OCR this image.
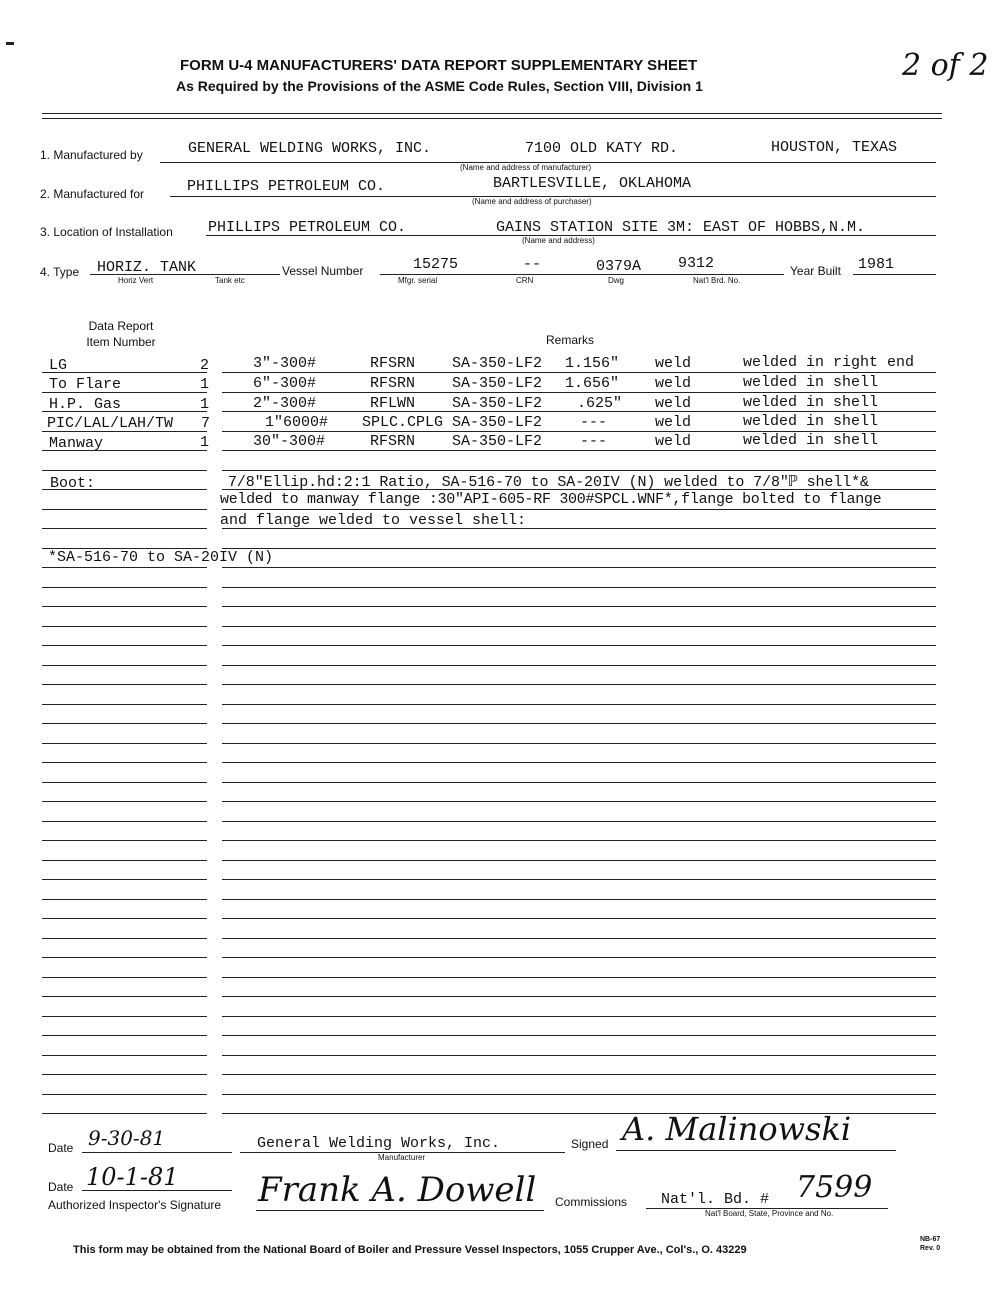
FORM U-4 MANUFACTURERS' DATA REPORT SUPPLEMENTARY SHEET
As Required by the Provisions of the ASME Code Rules, Section VIII, Division 1
2 of 2
1. Manufactured by	GENERAL WELDING WORKS, INC.	7100 OLD KATY RD.	HOUSTON, TEXAS
(Name and address of manufacturer)
2. Manufactured for	PHILLIPS PETROLEUM CO.	BARTLESVILLE, OKLAHOMA
(Name and address of purchaser)
3. Location of Installation PHILLIPS PETROLEUM CO.	GAINS STATION SITE 3M: EAST OF HOBBS,N.M.
(Name and address)
4. Type HORIZ. TANK
Horiz Vert	Tank etc
Vessel Number	15275
Mfgr. serial
--
CRN
0379A
Dwg
9312
Nat'l Brd. No.
Year Built 1981
Data Report Item Number	Remarks
LG	2	3"-300#	RFSRN SA-350-LF2 1.156" weld	welded in right end
To Flare	1	6"-300#	RFSRN SA-350-LF2 1.656" weld	welded in shell
H.P. Gas	1	2"-300#	RFLWN SA-350-LF2 .625" weld	welded in shell
PIC/LAL/LAH/TW 7	1"6000# SPLC.CPLG SA-350-LF2	---	weld	welded in shell
Manway	1	30"-300#	RFSRN SA-350-LF2	---	weld	welded in shell
Boot:	7/8"Ellip.hd:2:1 Ratio, SA-516-70 to SA-20IV (N) welded to 7/8"ℙ shell*&
welded to manway flange :30"API-605-RF 300#SPCL.WNF*,flange bolted to flange
and flange welded to vessel shell:
*SA-516-70 to SA-20IV (N)
Date 9-30-81	General Welding Works, Inc.
Manufacturer
Signed A. Malinowski
Date 10-1-81
Authorized Inspector's Signature Frank A. Dowell Commissions Nat'l. Bd. # 7599
Nat'l Board, State, Province and No.
This form may be obtained from the National Board of Boiler and Pressure Vessel Inspectors, 1055 Crupper Ave., Col's., O. 43229
NB-67
Rev. 0
